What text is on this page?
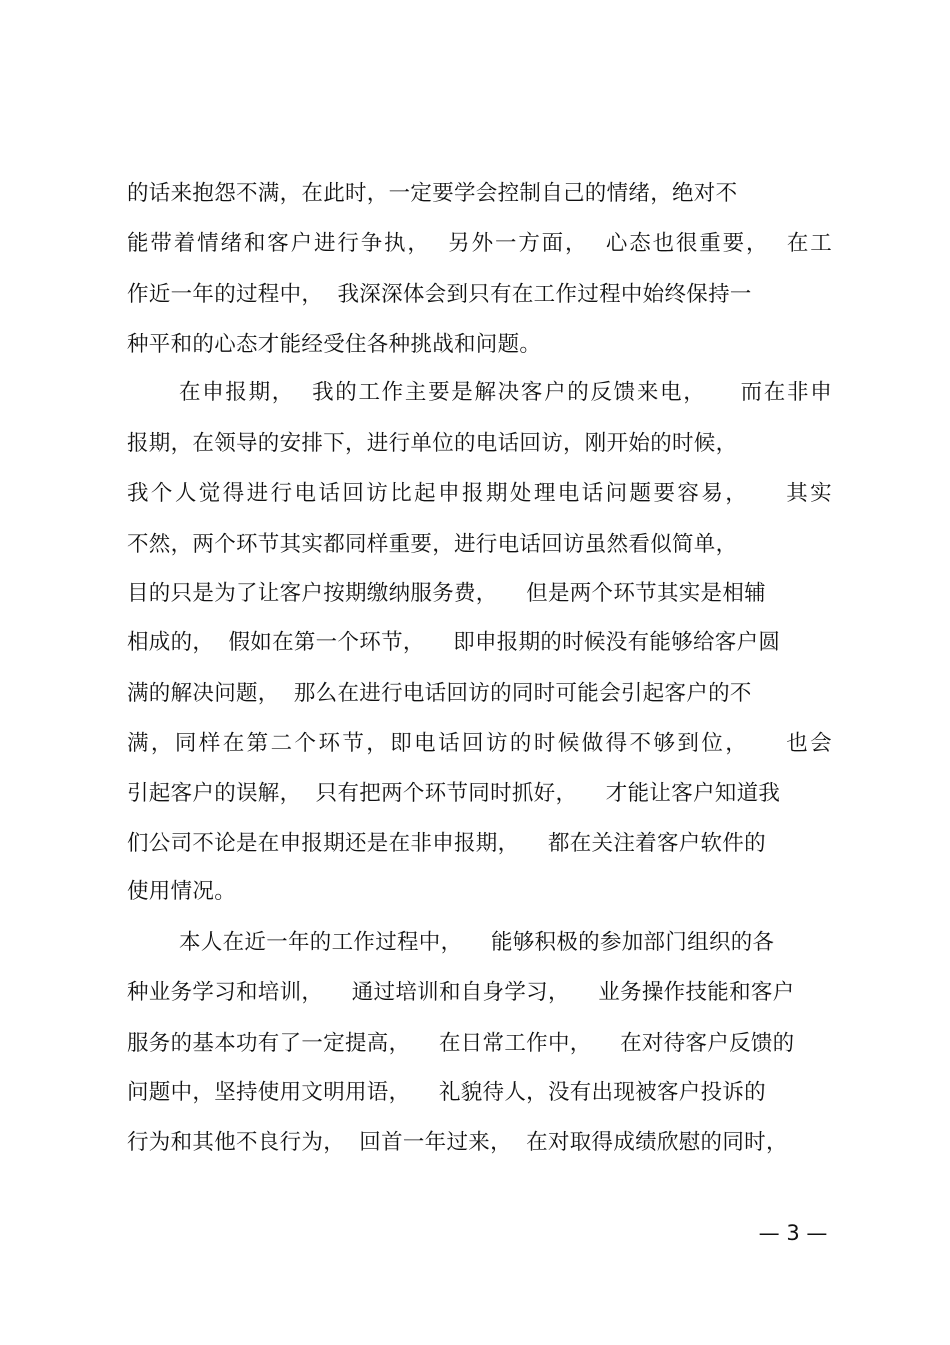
的话来抱怨不满，在此时，一定要学会控制自己的情绪，绝对不
能带着情绪和客户进行争执，  另外一方面，  心态也很重要，  在工
作近一年的过程中，  我深深体会到只有在工作过程中始终保持一
种平和的心态才能经受住各种挑战和问题。
在申报期，  我的工作主要是解决客户的反馈来电，    而在非申
报期，在领导的安排下，进行单位的电话回访，刚开始的时候，
我个人觉得进行电话回访比起申报期处理电话问题要容易，    其实
不然，两个环节其实都同样重要，进行电话回访虽然看似简单，
目的只是为了让客户按期缴纳服务费，    但是两个环节其实是相辅
相成的，  假如在第一个环节，    即申报期的时候没有能够给客户圆
满的解决问题，  那么在进行电话回访的同时可能会引起客户的不
满，同样在第二个环节，即电话回访的时候做得不够到位，    也会
引起客户的误解，  只有把两个环节同时抓好，    才能让客户知道我
们公司不论是在申报期还是在非申报期，    都在关注着客户软件的
使用情况。
本人在近一年的工作过程中，    能够积极的参加部门组织的各
种业务学习和培训，    通过培训和自身学习，    业务操作技能和客户
服务的基本功有了一定提高，    在日常工作中，    在对待客户反馈的
问题中，坚持使用文明用语，    礼貌待人，没有出现被客户投诉的
行为和其他不良行为，  回首一年过来，  在对取得成绩欣慰的同时，
— 3 —
